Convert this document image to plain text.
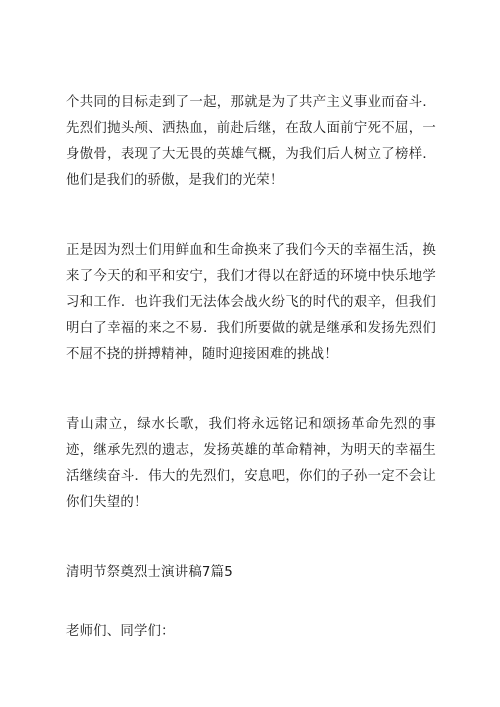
个共同的目标走到了一起，那就是为了共产主义事业而奋斗．先烈们抛头颅、洒热血，前赴后继，在敌人面前宁死不屈，一身傲骨，表现了大无畏的英雄气概，为我们后人树立了榜样．他们是我们的骄傲，是我们的光荣！

正是因为烈士们用鲜血和生命换来了我们今天的幸福生活，换来了今天的和平和安宁，我们才得以在舒适的环境中快乐地学习和工作．也许我们无法体会战火纷飞的时代的艰辛，但我们明白了幸福的来之不易．我们所要做的就是继承和发扬先烈们不屈不挠的拼搏精神，随时迎接困难的挑战！

青山肃立，绿水长歌，我们将永远铭记和颂扬革命先烈的事迹，继承先烈的遗志，发扬英雄的革命精神，为明天的幸福生活继续奋斗．伟大的先烈们，安息吧，你们的子孙一定不会让你们失望的！

清明节祭奠烈士演讲稿7篇5

老师们、同学们：
